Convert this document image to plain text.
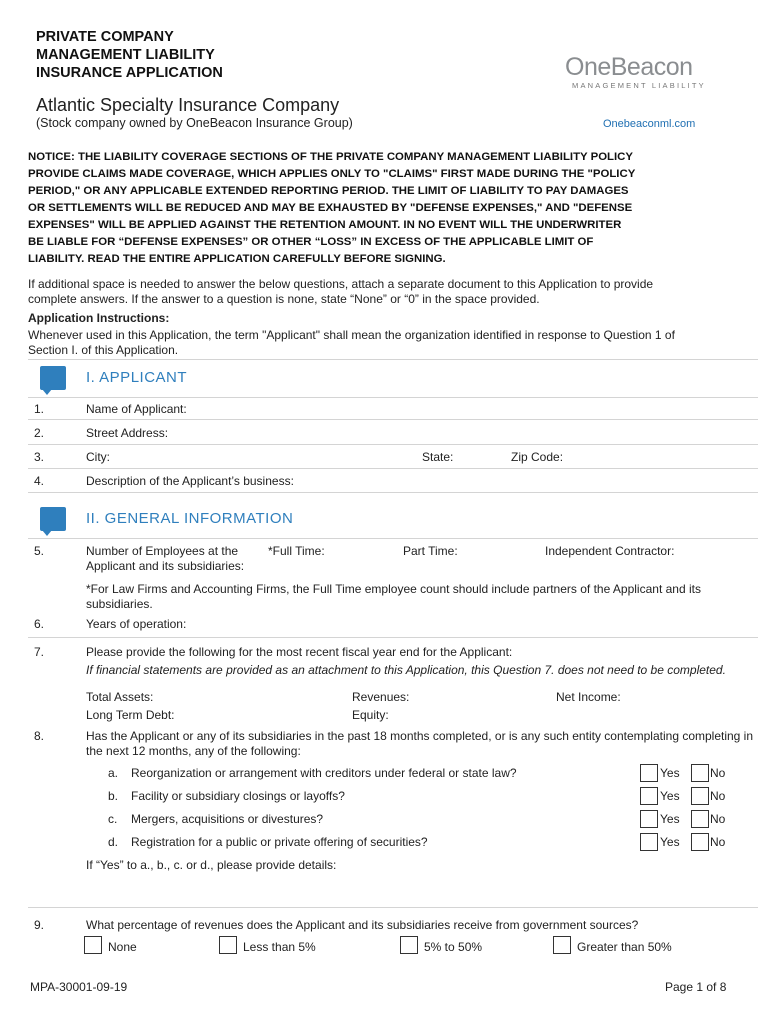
PRIVATE COMPANY
MANAGEMENT LIABILITY
INSURANCE APPLICATION
Atlantic Specialty Insurance Company
(Stock company owned by OneBeacon Insurance Group)
OneBeacon
MANAGEMENT LIABILITY
Onebeaconml.com
NOTICE: THE LIABILITY COVERAGE SECTIONS OF THE PRIVATE COMPANY MANAGEMENT LIABILITY POLICY
PROVIDE CLAIMS MADE COVERAGE, WHICH APPLIES ONLY TO "CLAIMS" FIRST MADE DURING THE "POLICY
PERIOD," OR ANY APPLICABLE EXTENDED REPORTING PERIOD. THE LIMIT OF LIABILITY TO PAY DAMAGES
OR SETTLEMENTS WILL BE REDUCED AND MAY BE EXHAUSTED BY "DEFENSE EXPENSES," AND "DEFENSE
EXPENSES" WILL BE APPLIED AGAINST THE RETENTION AMOUNT. IN NO EVENT WILL THE UNDERWRITER
BE LIABLE FOR “DEFENSE EXPENSES” OR OTHER “LOSS” IN EXCESS OF THE APPLICABLE LIMIT OF
LIABILITY. READ THE ENTIRE APPLICATION CAREFULLY BEFORE SIGNING.
If additional space is needed to answer the below questions, attach a separate document to this Application to provide
complete answers. If the answer to a question is none, state “None” or “0” in the space provided.
Application Instructions:
Whenever used in this Application, the term "Applicant" shall mean the organization identified in response to Question 1 of
Section I. of this Application.
I. APPLICANT
1.	Name of Applicant:
2.	Street Address:
3.	City:	State:	Zip Code:
4.	Description of the Applicant’s business:
II. GENERAL INFORMATION
5.	Number of Employees at the
Applicant and its subsidiaries:
*Full Time:	Part Time:	Independent Contractor:
*For Law Firms and Accounting Firms, the Full Time employee count should include partners of the Applicant and its
subsidiaries.
6.	Years of operation:
7.	Please provide the following for the most recent fiscal year end for the Applicant:
If financial statements are provided as an attachment to this Application, this Question 7. does not need to be completed.
Total Assets:	Revenues:	Net Income:
Long Term Debt:	Equity:
8.	Has the Applicant or any of its subsidiaries in the past 18 months completed, or is any such entity contemplating completing in
the next 12 months, any of the following:
a. Reorganization or arrangement with creditors under federal or state law?	Yes	No
b. Facility or subsidiary closings or layoffs?	Yes	No
c. Mergers, acquisitions or divestures?	Yes	No
d. Registration for a public or private offering of securities?	Yes	No
If “Yes” to a., b., c. or d., please provide details:
9.	What percentage of revenues does the Applicant and its subsidiaries receive from government sources?
None	Less than 5%	5% to 50%	Greater than 50%
MPA-30001-09-19	Page 1 of 8
